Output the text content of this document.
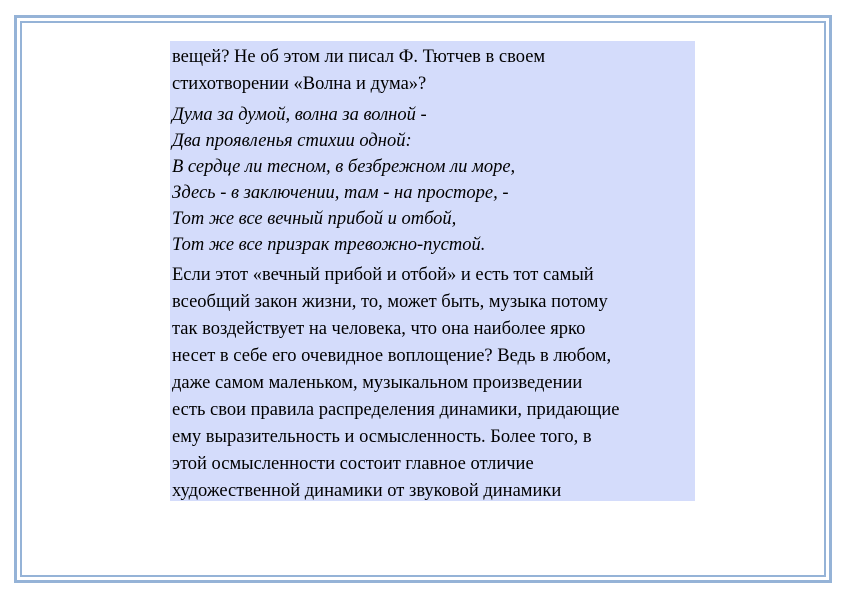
вещей? Не об этом ли писал Ф. Тютчев в своем
стихотворении «Волна и дума»?

Дума за думой, волна за волной -
Два проявленья стихии одной:
В сердце ли тесном, в безбрежном ли море,
Здесь - в заключении, там - на просторе, -
Тот же все вечный прибой и отбой,
Тот же все призрак тревожно-пустой.

Если этот «вечный прибой и отбой» и есть тот самый
всеобщий закон жизни, то, может быть, музыка потому
так воздействует на человека, что она наиболее ярко
несет в себе его очевидное воплощение? Ведь в любом,
даже самом маленьком, музыкальном произведении
есть свои правила распределения динамики, придающие
ему выразительность и осмысленность. Более того, в
этой осмысленности состоит главное отличие
художественной динамики от звуковой динамики
